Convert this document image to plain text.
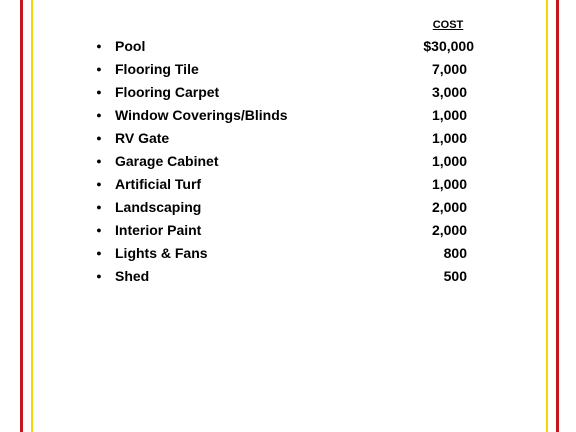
COST
● Pool	$30,000
● Flooring Tile	7,000
● Flooring Carpet	3,000
● Window Coverings/Blinds	1,000
● RV Gate	1,000
● Garage Cabinet	1,000
● Artificial Turf	1,000
● Landscaping	2,000
● Interior Paint	2,000
● Lights & Fans	800
● Shed	500
